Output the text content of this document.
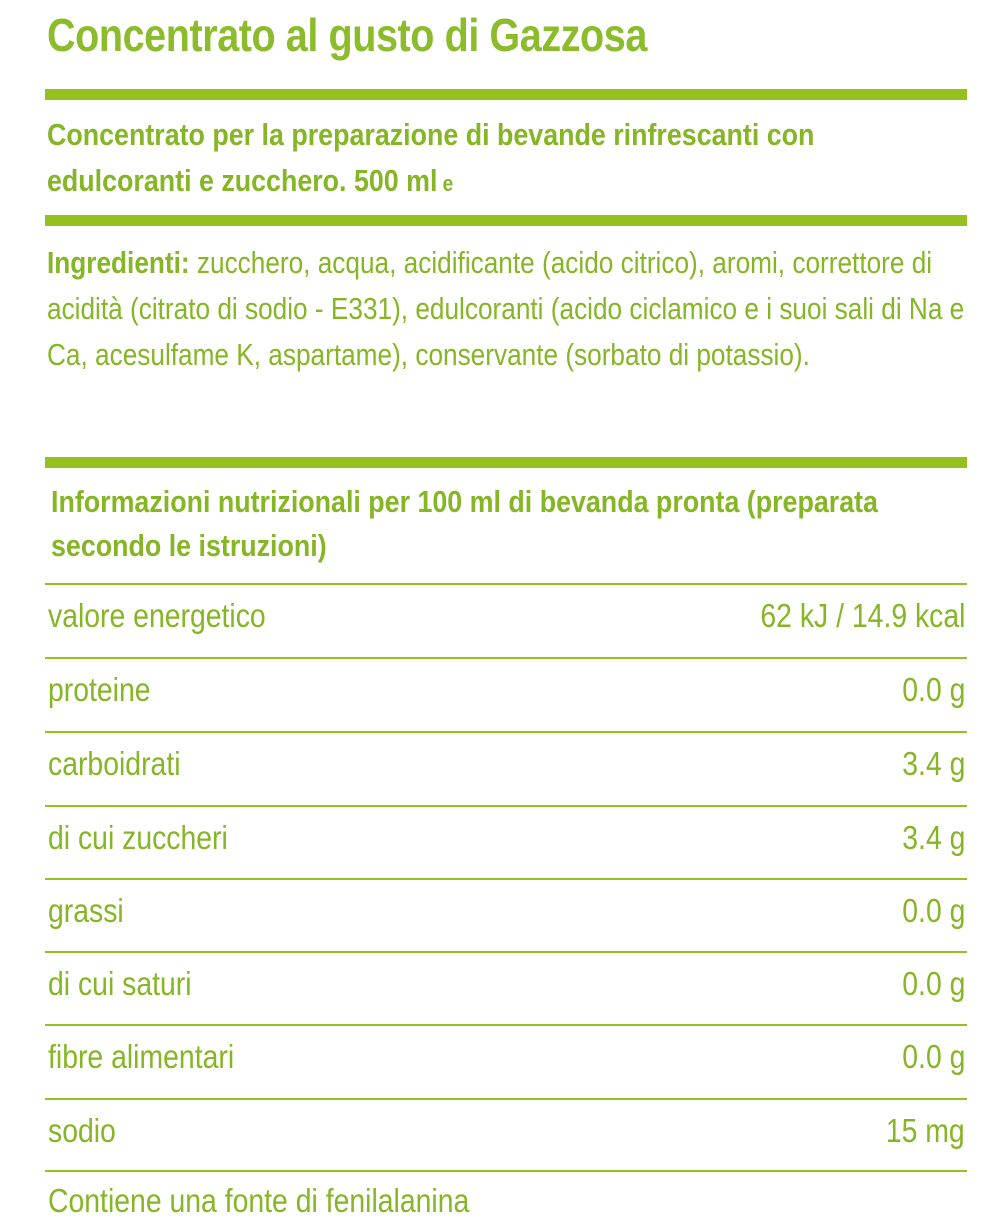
Concentrato al gusto di Gazzosa
Concentrato per la preparazione di bevande rinfrescanti con edulcoranti e zucchero. 500 ml e
Ingredienti: zucchero, acqua, acidificante (acido citrico), aromi, correttore di acidità (citrato di sodio - E331), edulcoranti (acido ciclamico e i suoi sali di Na e Ca, acesulfame K, aspartame), conservante (sorbato di potassio).
Informazioni nutrizionali per 100 ml di bevanda pronta (preparata secondo le istruzioni)
valore energetico	62 kJ / 14.9 kcal
proteine	0.0 g
carboidrati	3.4 g
di cui zuccheri	3.4 g
grassi	0.0 g
di cui saturi	0.0 g
fibre alimentari	0.0 g
sodio	15 mg
Contiene una fonte di fenilalanina
